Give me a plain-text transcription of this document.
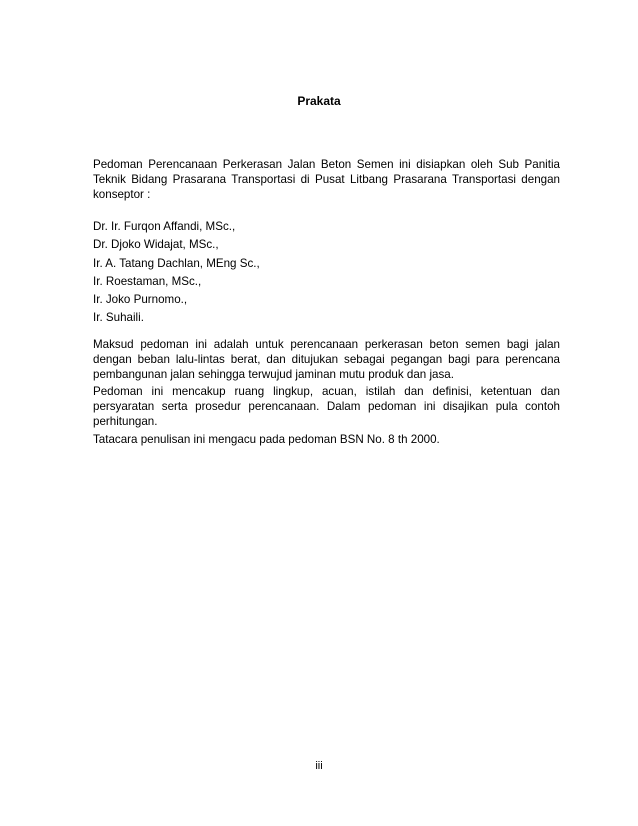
Prakata

Pedoman Perencanaan Perkerasan Jalan Beton Semen ini disiapkan oleh Sub Panitia Teknik Bidang Prasarana Transportasi di Pusat Litbang Prasarana Transportasi dengan konseptor :

Dr. Ir. Furqon Affandi, MSc.,
Dr. Djoko Widajat, MSc.,
Ir. A. Tatang Dachlan, MEng Sc.,
Ir. Roestaman, MSc.,
Ir. Joko Purnomo.,
Ir. Suhaili.

Maksud pedoman ini adalah untuk perencanaan perkerasan beton semen bagi jalan dengan beban lalu-lintas berat, dan ditujukan sebagai pegangan bagi para perencana pembangunan jalan sehingga terwujud jaminan mutu produk dan jasa.

Pedoman ini mencakup ruang lingkup, acuan, istilah dan definisi, ketentuan dan persyaratan serta prosedur perencanaan. Dalam pedoman ini disajikan pula contoh perhitungan.

Tatacara penulisan ini mengacu pada pedoman BSN No. 8 th 2000.

iii
